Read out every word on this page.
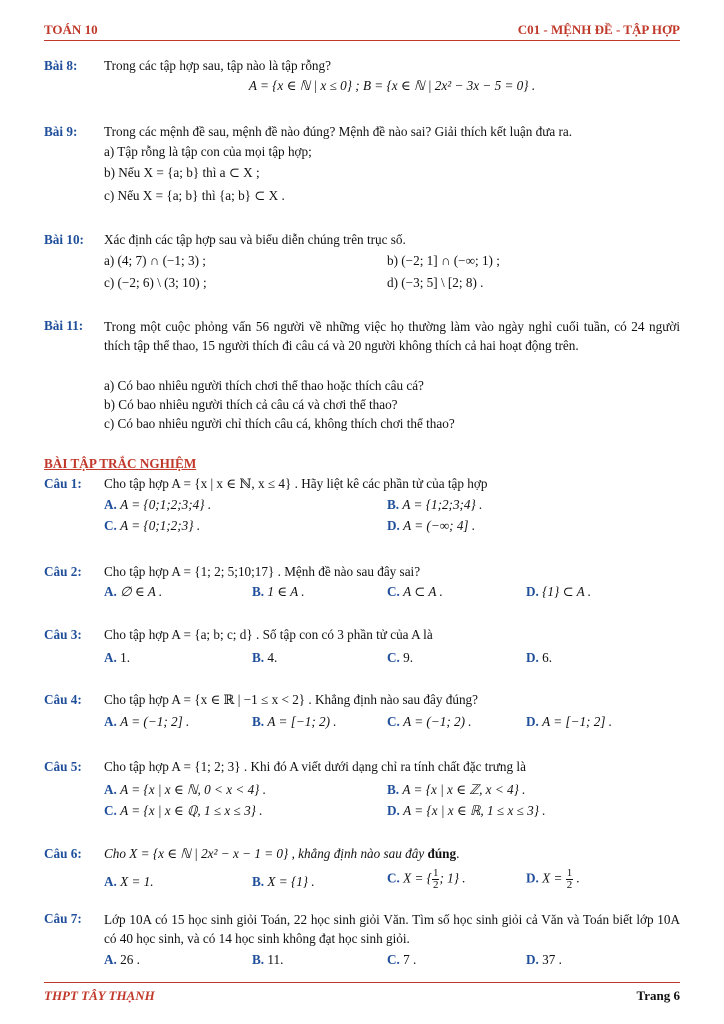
TOÁN 10	C01 - MỆNH ĐỀ - TẬP HỢP
Bài 8: Trong các tập hợp sau, tập nào là tập rỗng?
A = {x ∈ ℕ | x ≤ 0} ; B = {x ∈ ℕ | 2x² − 3x − 5 = 0} .
Bài 9: Trong các mệnh đề sau, mệnh đề nào đúng? Mệnh đề nào sai? Giải thích kết luận đưa ra.
a) Tập rỗng là tập con của mọi tập hợp;
b) Nếu X = {a; b} thì a ⊂ X ;
c) Nếu X = {a; b} thì {a; b} ⊂ X .
Bài 10: Xác định các tập hợp sau và biểu diễn chúng trên trục số.
a) (4; 7) ∩ (−1; 3) ;	b) (−2; 1] ∩ (−∞; 1) ;
c) (−2; 6) \ (3; 10) ;	d) (−3; 5] \ [2; 8) .
Bài 11: Trong một cuộc phỏng vấn 56 người về những việc họ thường làm vào ngày nghỉ cuối tuần, có 24 người thích tập thể thao, 15 người thích đi câu cá và 20 người không thích cả hai hoạt động trên.
a) Có bao nhiêu người thích chơi thể thao hoặc thích câu cá?
b) Có bao nhiêu người thích cả câu cá và chơi thể thao?
c) Có bao nhiêu người chỉ thích câu cá, không thích chơi thể thao?
BÀI TẬP TRẮC NGHIỆM
Câu 1: Cho tập hợp A = {x | x ∈ ℕ, x ≤ 4} . Hãy liệt kê các phần tử của tập hợp
A. A = {0;1;2;3;4} .	B. A = {1;2;3;4} .
C. A = {0;1;2;3} .	D. A = (−∞; 4] .
Câu 2: Cho tập hợp A = {1; 2; 5;10;17} . Mệnh đề nào sau đây sai?
A. ∅ ∈ A .	B. 1 ∈ A .	C. A ⊂ A .	D. {1} ⊂ A .
Câu 3: Cho tập hợp A = {a; b; c; d} . Số tập con có 3 phần tử của A là
A. 1.	B. 4.	C. 9.	D. 6.
Câu 4: Cho tập hợp A = {x ∈ ℝ | −1 ≤ x < 2} . Khẳng định nào sau đây đúng?
A. A = (−1; 2] .	B. A = [−1; 2) .	C. A = (−1; 2) .	D. A = [−1; 2] .
Câu 5: Cho tập hợp A = {1; 2; 3} . Khi đó A viết dưới dạng chỉ ra tính chất đặc trưng là
A. A = {x | x ∈ ℕ, 0 < x < 4} .	B. A = {x | x ∈ ℤ, x < 4} .
C. A = {x | x ∈ ℚ, 1 ≤ x ≤ 3} .	D. A = {x | x ∈ ℝ, 1 ≤ x ≤ 3} .
Câu 6: Cho X = {x ∈ ℕ | 2x² − x − 1 = 0} , khẳng định nào sau đây đúng.
A. X = 1.	B. X = {1} .	C. X = { $\frac{1}{2}$ ; 1} .	D. $X = \frac{1}{2}$ .
Câu 7: Lớp 10A có 15 học sinh giỏi Toán, 22 học sinh giỏi Văn. Tìm số học sinh giỏi cả Văn và Toán biết lớp 10A có 40 học sinh, và có 14 học sinh không đạt học sinh giỏi.
A. 26 .	B. 11.	C. 7 .	D. 37 .
THPT TÂY THẠNH	Trang 6
